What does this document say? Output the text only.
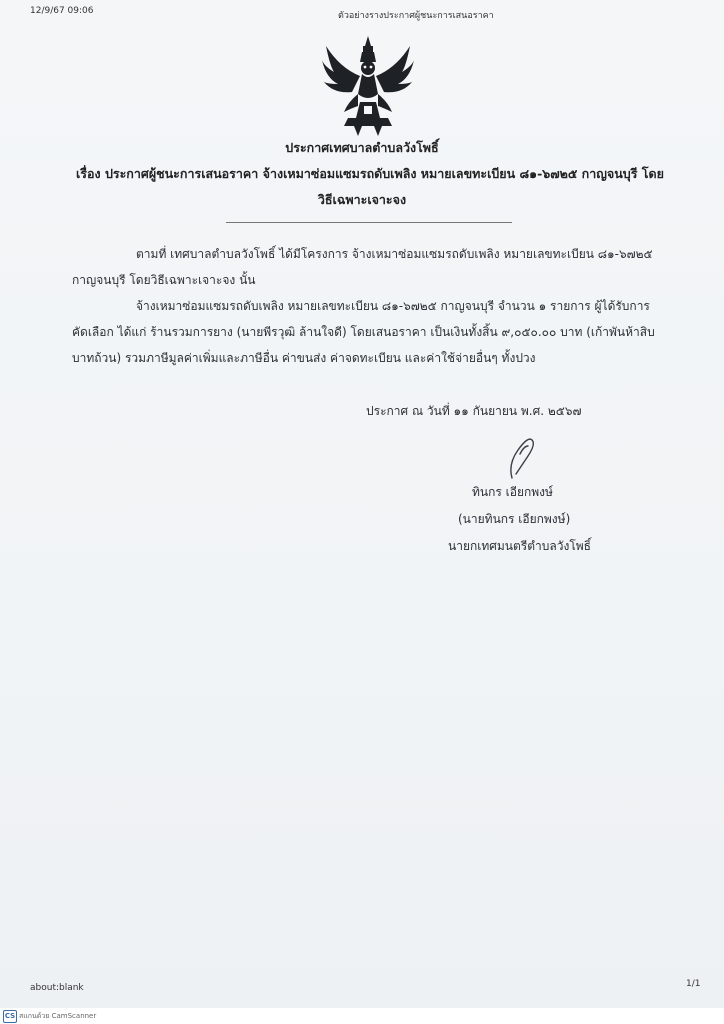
12/9/67 09:06	ตัวอย่างรางประกาศผู้ชนะการเสนอราคา
ประกาศเทศบาลตำบลวังโพธิ์
เรื่อง ประกาศผู้ชนะการเสนอราคา จ้างเหมาซ่อมแซมรถดับเพลิง หมายเลขทะเบียน ๘๑-๖๗๒๕ กาญจนบุรี โดย
วิธีเฉพาะเจาะจง
ตามที่ เทศบาลตำบลวังโพธิ์ ได้มีโครงการ จ้างเหมาซ่อมแซมรถดับเพลิง หมายเลขทะเบียน ๘๑-๖๗๒๕
กาญจนบุรี โดยวิธีเฉพาะเจาะจง นั้น
จ้างเหมาซ่อมแซมรถดับเพลิง หมายเลขทะเบียน ๘๑-๖๗๒๕ กาญจนบุรี จำนวน ๑ รายการ ผู้ได้รับการ
คัดเลือก ได้แก่ ร้านรวมการยาง (นายพีรวุฒิ ล้านใจดี) โดยเสนอราคา เป็นเงินทั้งสิ้น ๙,๐๕๐.๐๐ บาท (เก้าพันห้าสิบ
บาทถ้วน) รวมภาษีมูลค่าเพิ่มและภาษีอื่น ค่าขนส่ง ค่าจดทะเบียน และค่าใช้จ่ายอื่นๆ ทั้งปวง
ประกาศ ณ วันที่ ๑๑ กันยายน พ.ศ. ๒๕๖๗
ทินกร เอียกพงษ์
(นายทินกร เอียกพงษ์)
นายกเทศมนตรีตำบลวังโพธิ์
about:blank	1/1
CS สแกนด้วย CamScanner
